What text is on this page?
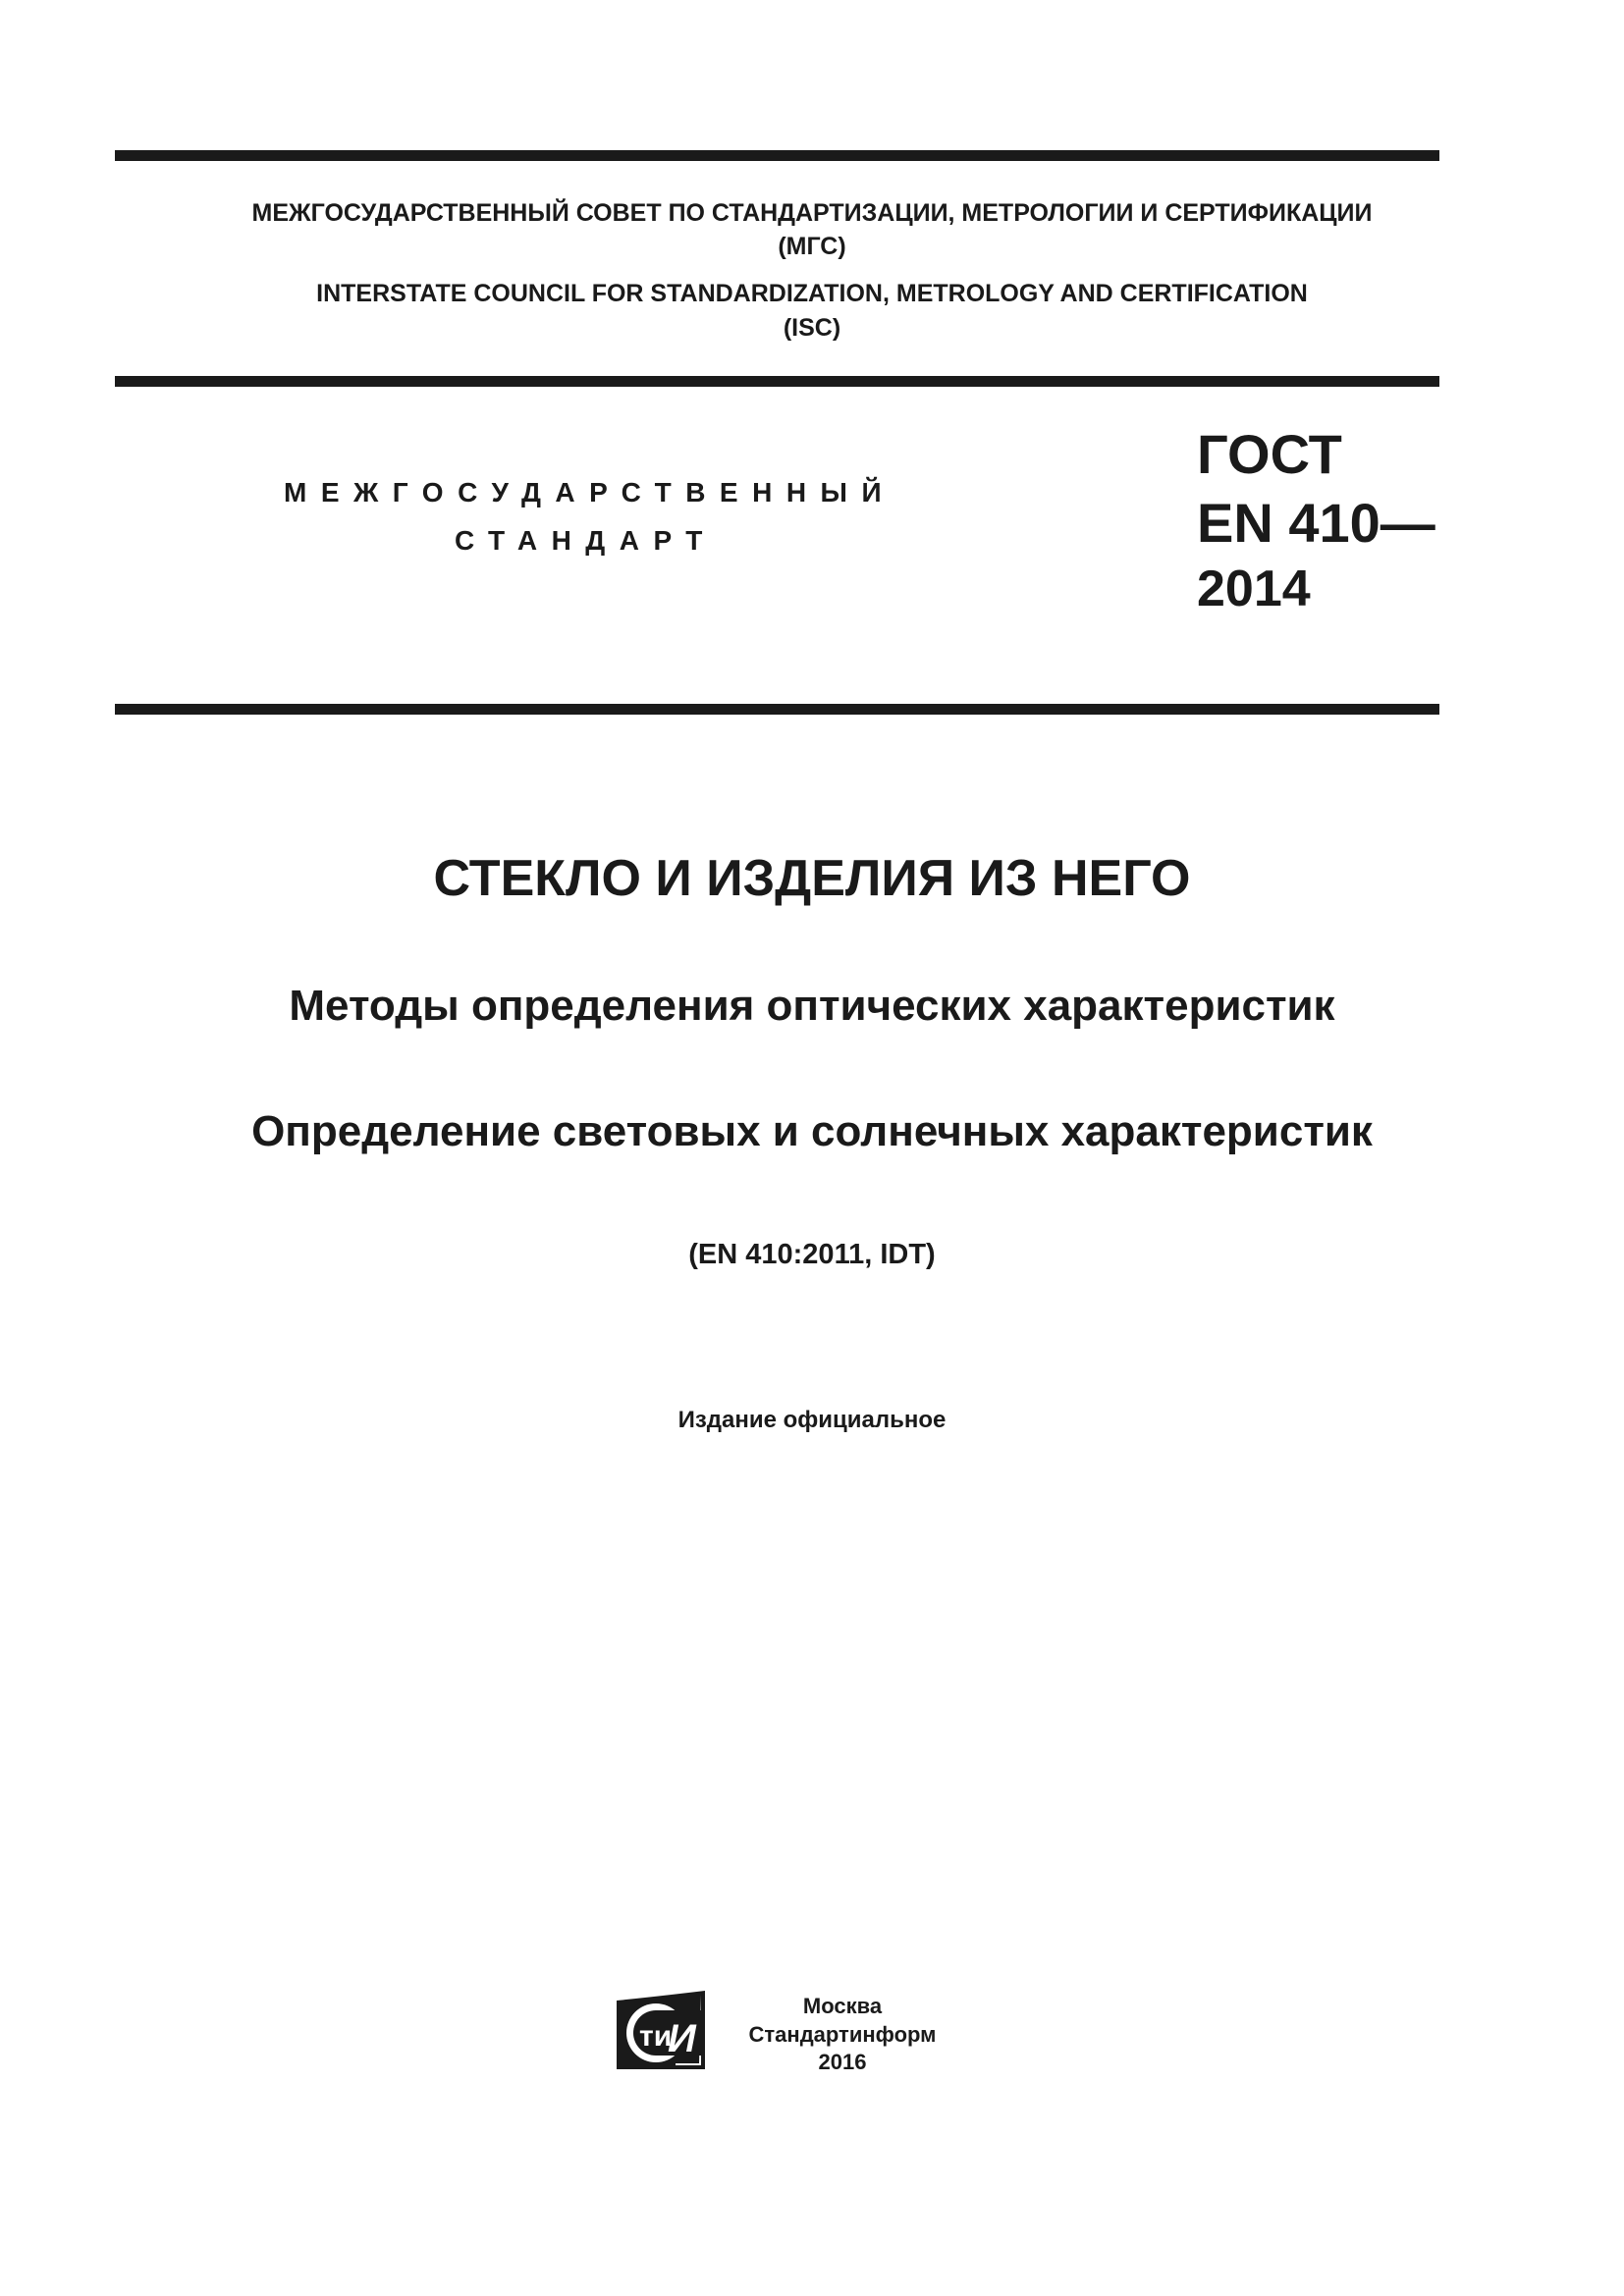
МЕЖГОСУДАРСТВЕННЫЙ СОВЕТ ПО СТАНДАРТИЗАЦИИ, МЕТРОЛОГИИ И СЕРТИФИКАЦИИ
(МГС)
INTERSTATE COUNCIL FOR STANDARDIZATION, METROLOGY AND CERTIFICATION
(ISC)
МЕЖГОСУДАРСТВЕННЫЙ
СТАНДАРТ
ГОСТ
EN 410—
2014
СТЕКЛО И ИЗДЕЛИЯ ИЗ НЕГО
Методы определения оптических характеристик
Определение световых и солнечных характеристик
(EN 410:2011, IDT)
Издание официальное
ти
И
Москва
Стандартинформ
2016
